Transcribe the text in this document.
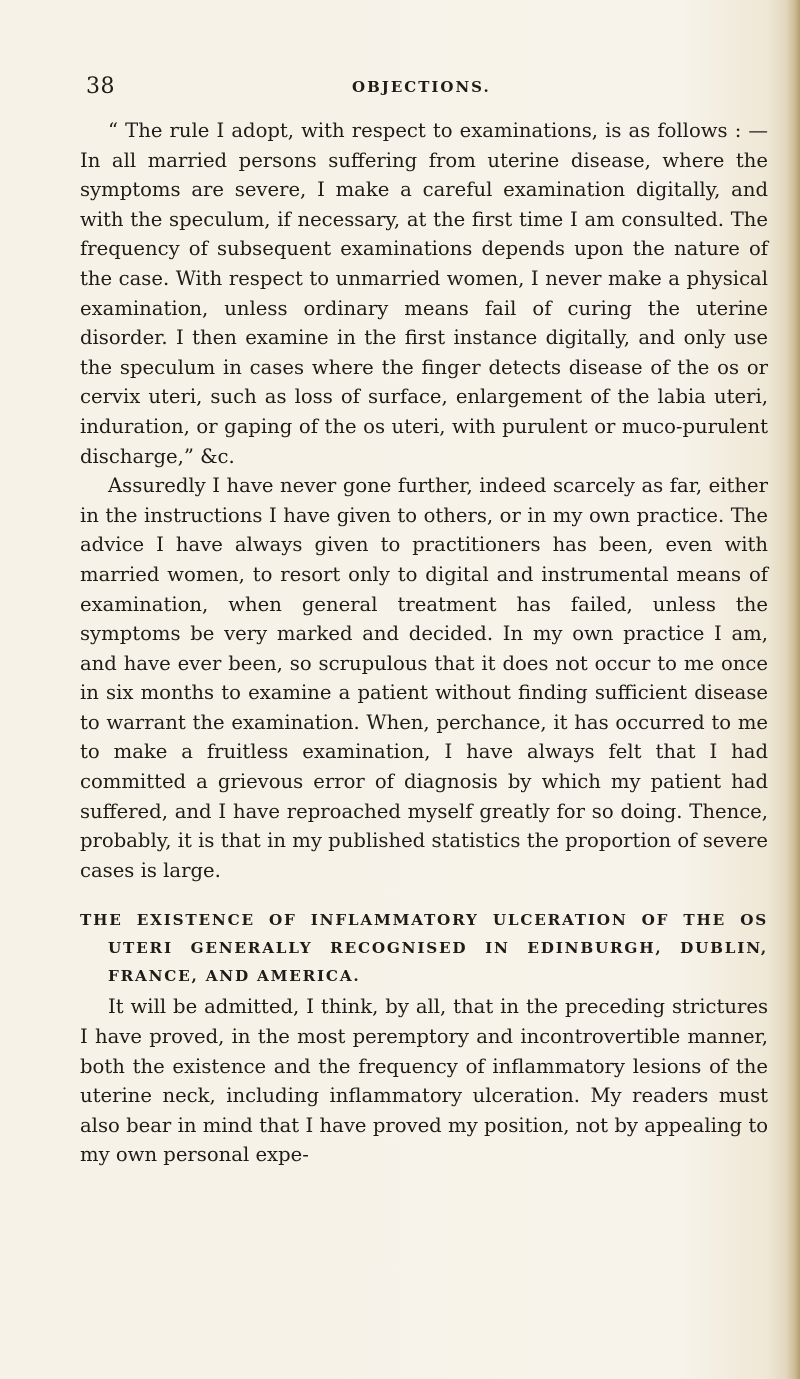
38	OBJECTIONS.

“ The rule I adopt, with respect to examinations, is as follows : —In all married persons suffering from uterine disease, where the symptoms are severe, I make a careful examination digitally, and with the speculum, if necessary, at the first time I am consulted. The frequency of subsequent examinations depends upon the nature of the case. With respect to unmarried women, I never make a physical examination, unless ordinary means fail of curing the uterine disorder. I then examine in the first instance digitally, and only use the speculum in cases where the finger detects disease of the os or cervix uteri, such as loss of surface, enlargement of the labia uteri, induration, or gaping of the os uteri, with purulent or muco-purulent discharge,” &c.

Assuredly I have never gone further, indeed scarcely as far, either in the instructions I have given to others, or in my own practice. The advice I have always given to practitioners has been, even with married women, to resort only to digital and instrumental means of examination, when general treatment has failed, unless the symptoms be very marked and decided. In my own practice I am, and have ever been, so scrupulous that it does not occur to me once in six months to examine a patient without finding sufficient disease to warrant the examination. When, perchance, it has occurred to me to make a fruitless examination, I have always felt that I had committed a grievous error of diagnosis by which my patient had suffered, and I have reproached myself greatly for so doing. Thence, probably, it is that in my published statistics the proportion of severe cases is large.

THE EXISTENCE OF INFLAMMATORY ULCERATION OF THE OS UTERI GENERALLY RECOGNISED IN EDINBURGH, DUBLIN, FRANCE, AND AMERICA.

It will be admitted, I think, by all, that in the preceding strictures I have proved, in the most peremptory and incontrovertible manner, both the existence and the frequency of inflammatory lesions of the uterine neck, including inflammatory ulceration. My readers must also bear in mind that I have proved my position, not by appealing to my own personal expe-
